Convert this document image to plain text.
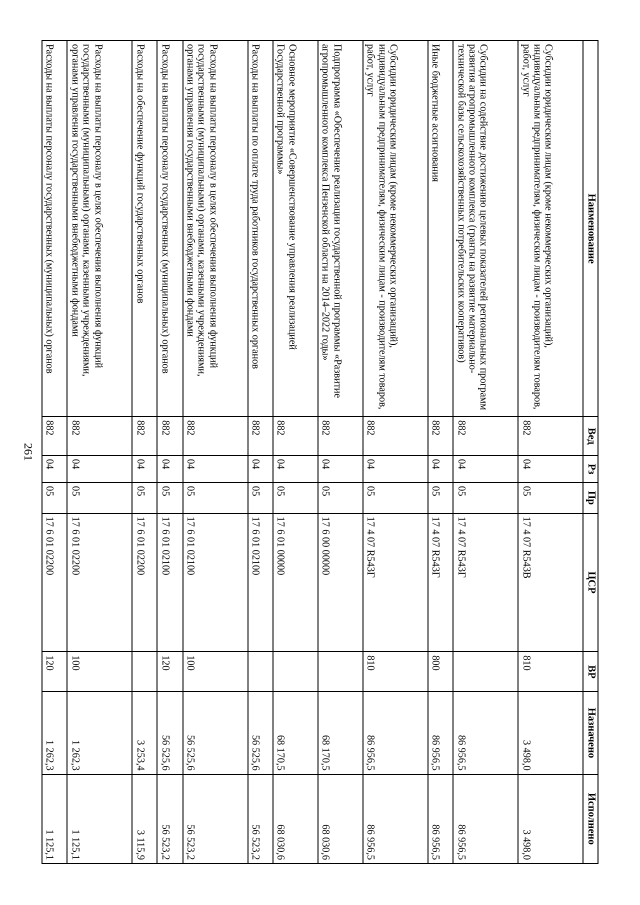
261
Наименование	Вед	Рз	Пр	ЦСР	ВР	Назначено	Исполнено
Субсидии юридическим лицам (кроме некоммерческих организаций), индивидуальным предпринимателям, физическим лицам - производителям товаров, работ, услуг	882	04	05	17 4 07 R543В	810	3 498,0	3 498,0
Субсидии на содействие достижению целевых показателей региональных программ развития агропромышленного комплекса (гранты на развитие материально-технической базы сельскохозяйственных потребительских кооперативов)	882	04	05	17 4 07 R543Г		86 956,5	86 956,5
Иные бюджетные ассигнования	882	04	05	17 4 07 R543Г	800	86 956,5	86 956,5
Субсидии юридическим лицам (кроме некоммерческих организаций), индивидуальным предпринимателям, физическим лицам - производителям товаров, работ, услуг	882	04	05	17 4 07 R543Г	810	86 956,5	86 956,5
Подпрограмма «Обеспечение реализации государственной программы «Развитие агропромышленного комплекса Пензенской области на 2014–2022 годы»	882	04	05	17 6 00 00000		68 170,5	68 030,6
Основное мероприятие «Совершенствование управления реализацией Государственной программы»	882	04	05	17 6 01 00000		68 170,5	68 030,6
Расходы на выплаты по оплате труда работников государственных органов	882	04	05	17 6 01 02100		56 525,6	56 523,2
Расходы на выплаты персоналу в целях обеспечения выполнения функций государственными (муниципальными) органами, казенными учреждениями, органами управления государственными внебюджетными фондами	882	04	05	17 6 01 02100	100	56 525,6	56 523,2
Расходы на выплаты персоналу государственных (муниципальных) органов	882	04	05	17 6 01 02100	120	56 525,6	56 523,2
Расходы на обеспечение функций государственных органов	882	04	05	17 6 01 02200		3 253,4	3 115,9
Расходы на выплаты персоналу в целях обеспечения выполнения функций государственными (муниципальными) органами, казенными учреждениями, органами управления государственными внебюджетными фондами	882	04	05	17 6 01 02200	100	1 262,3	1 125,1
Расходы на выплаты персоналу государственных (муниципальных) органов	882	04	05	17 6 01 02200	120	1 262,3	1 125,1
